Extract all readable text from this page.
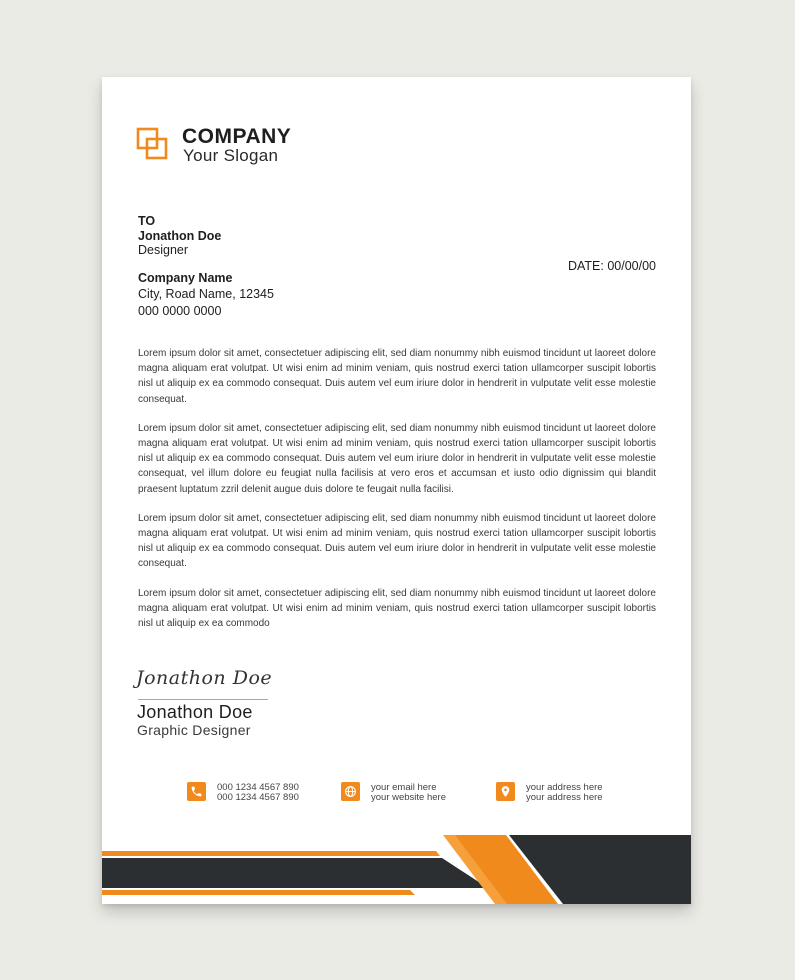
COMPANY
Your Slogan
TO
Jonathon Doe
Designer
Company Name
City, Road Name, 12345
000 0000 0000
DATE: 00/00/00

Lorem ipsum dolor sit amet, consectetuer adipiscing elit, sed diam nonummy nibh euismod tincidunt ut laoreet dolore magna aliquam erat volutpat. Ut wisi enim ad minim veniam, quis nostrud exerci tation ullamcorper suscipit lobortis nisl ut aliquip ex ea commodo consequat. Duis autem vel eum iriure dolor in hendrerit in vulputate velit esse molestie consequat.

Lorem ipsum dolor sit amet, consectetuer adipiscing elit, sed diam nonummy nibh euismod tincidunt ut laoreet dolore magna aliquam erat volutpat. Ut wisi enim ad minim veniam, quis nostrud exerci tation ullamcorper suscipit lobortis nisl ut aliquip ex ea commodo consequat. Duis autem vel eum iriure dolor in hendrerit in vulputate velit esse molestie consequat, vel illum dolore eu feugiat nulla facilisis at vero eros et accumsan et iusto odio dignissim qui blandit praesent luptatum zzril delenit augue duis dolore te feugait nulla facilisi.

Lorem ipsum dolor sit amet, consectetuer adipiscing elit, sed diam nonummy nibh euismod tincidunt ut laoreet dolore magna aliquam erat volutpat. Ut wisi enim ad minim veniam, quis nostrud exerci tation ullamcorper suscipit lobortis nisl ut aliquip ex ea commodo consequat. Duis autem vel eum iriure dolor in hendrerit in vulputate velit esse molestie consequat.

Lorem ipsum dolor sit amet, consectetuer adipiscing elit, sed diam nonummy nibh euismod tincidunt ut laoreet dolore magna aliquam erat volutpat. Ut wisi enim ad minim veniam, quis nostrud exerci tation ullamcorper suscipit lobortis nisl ut aliquip ex ea commodo

Jonathon Doe
Jonathon Doe
Graphic Designer
000 1234 4567 890
000 1234 4567 890
your email here
your website here
your address here
your address here
